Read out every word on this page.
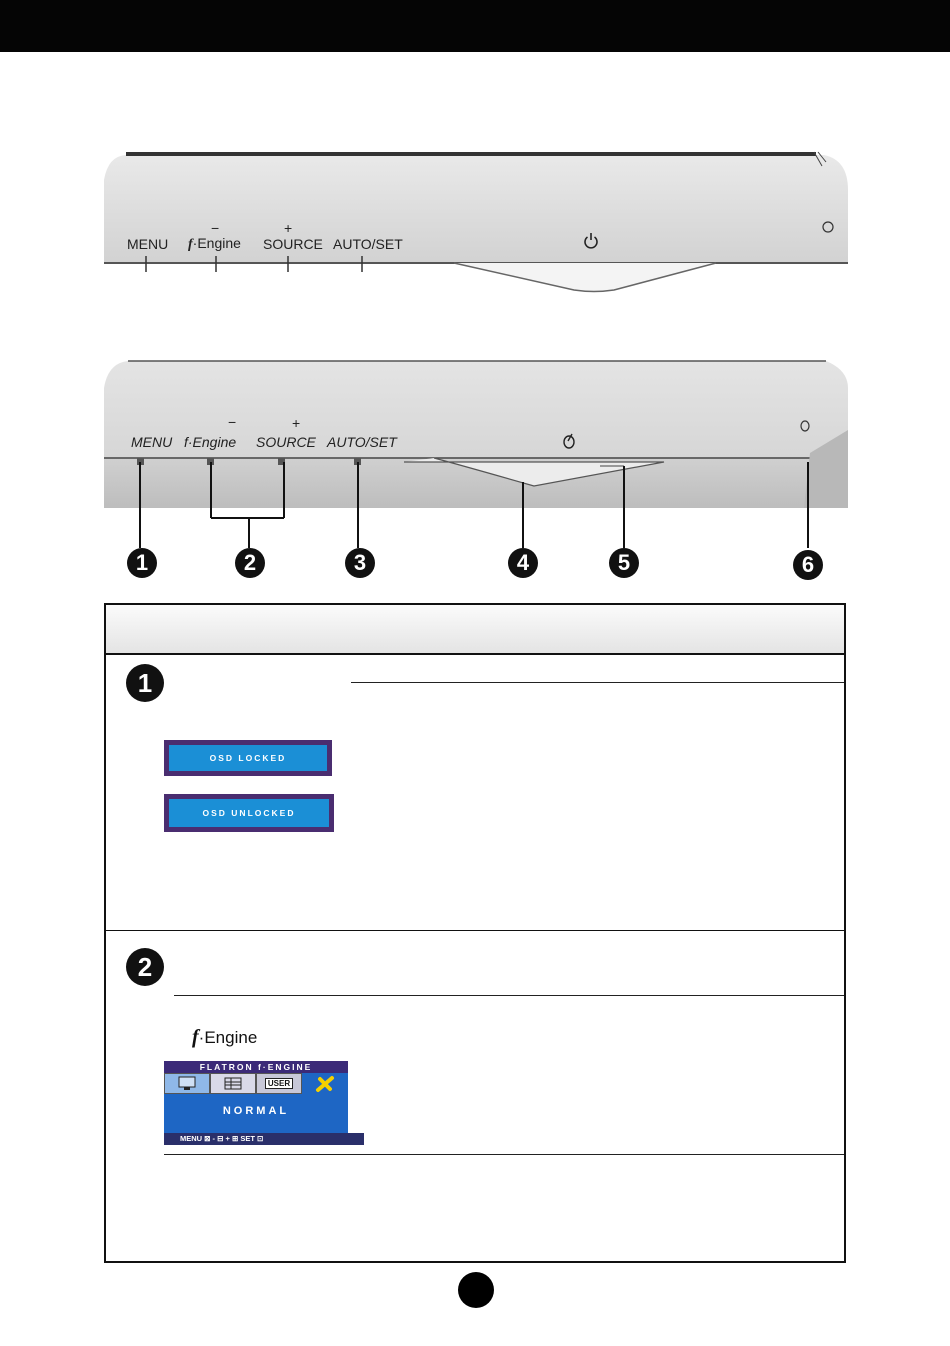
MENU
−
f·Engine
+
SOURCE AUTO/SET
MENU
−
f·Engine
+
SOURCE AUTO/SET
1	2	3	4	5	6
1
OSD LOCKED
OSD UNLOCKED
2
f·Engine
FLATRON f·ENGINE
USER
NORMAL
MENU ⊠ - ⊟ + ⊞ SET ⊡
